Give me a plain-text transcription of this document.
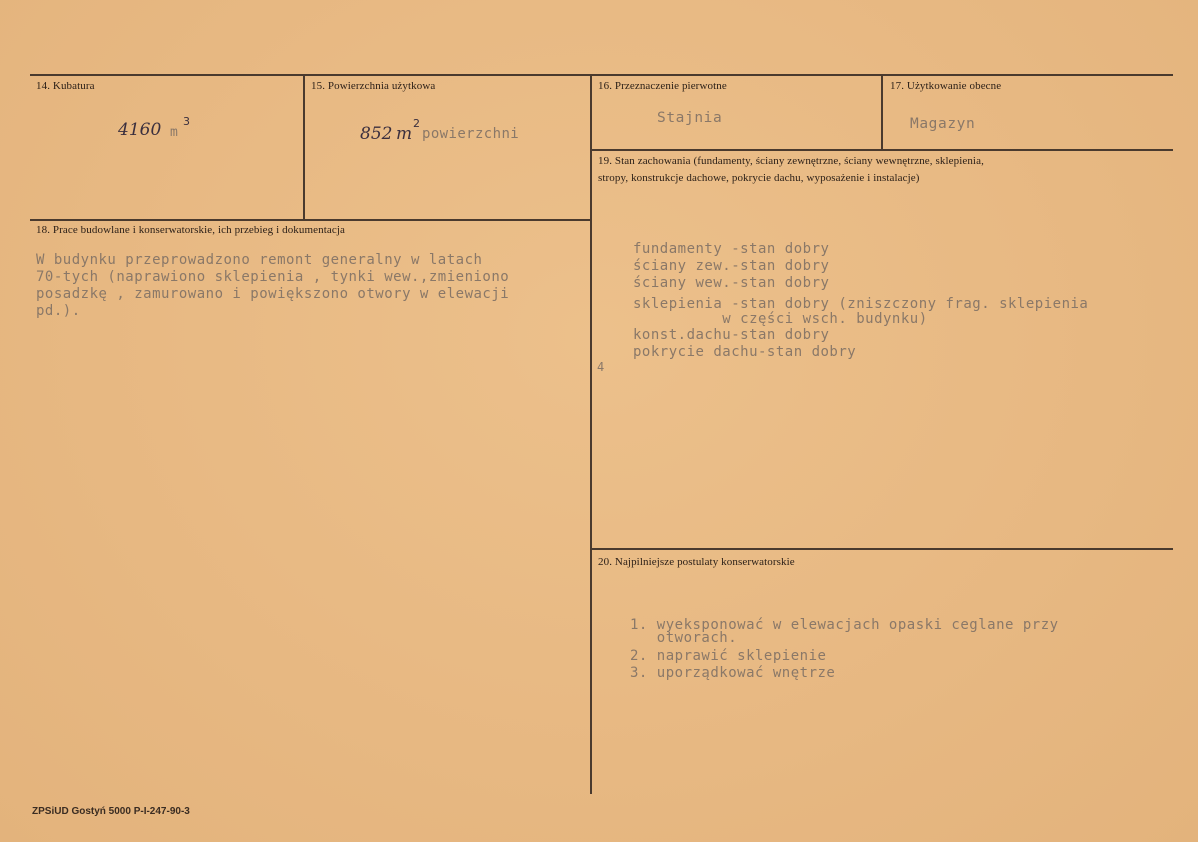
14. Kubatura
4160 m
3
15. Powierzchnia użytkowa
852 m
2
powierzchni
16. Przeznaczenie pierwotne
Stajnia
17. Użytkowanie obecne
Magazyn
18. Prace budowlane i konserwatorskie, ich przebieg i dokumentacja
W budynku przeprowadzono remont generalny w latach
70-tych (naprawiono sklepienia , tynki wew.,zmieniono
posadzkę , zamurowano i powiększono otwory w elewacji
pd.).
19. Stan zachowania (fundamenty, ściany zewnętrzne, ściany wewnętrzne, sklepienia,
stropy, konstrukcje dachowe, pokrycie dachu, wyposażenie i instalacje)
fundamenty -stan dobry
ściany zew.-stan dobry
ściany wew.-stan dobry
sklepienia -stan dobry (zniszczony frag. sklepienia
w części wsch. budynku)
konst.dachu-stan dobry
pokrycie dachu-stan dobry
4
20. Najpilniejsze postulaty konserwatorskie
1. wyeksponować w elewacjach opaski ceglane przy
otworach.
2. naprawić sklepienie
3. uporządkować wnętrze
ZPSiUD Gostyń 5000 P-I-247-90-3
